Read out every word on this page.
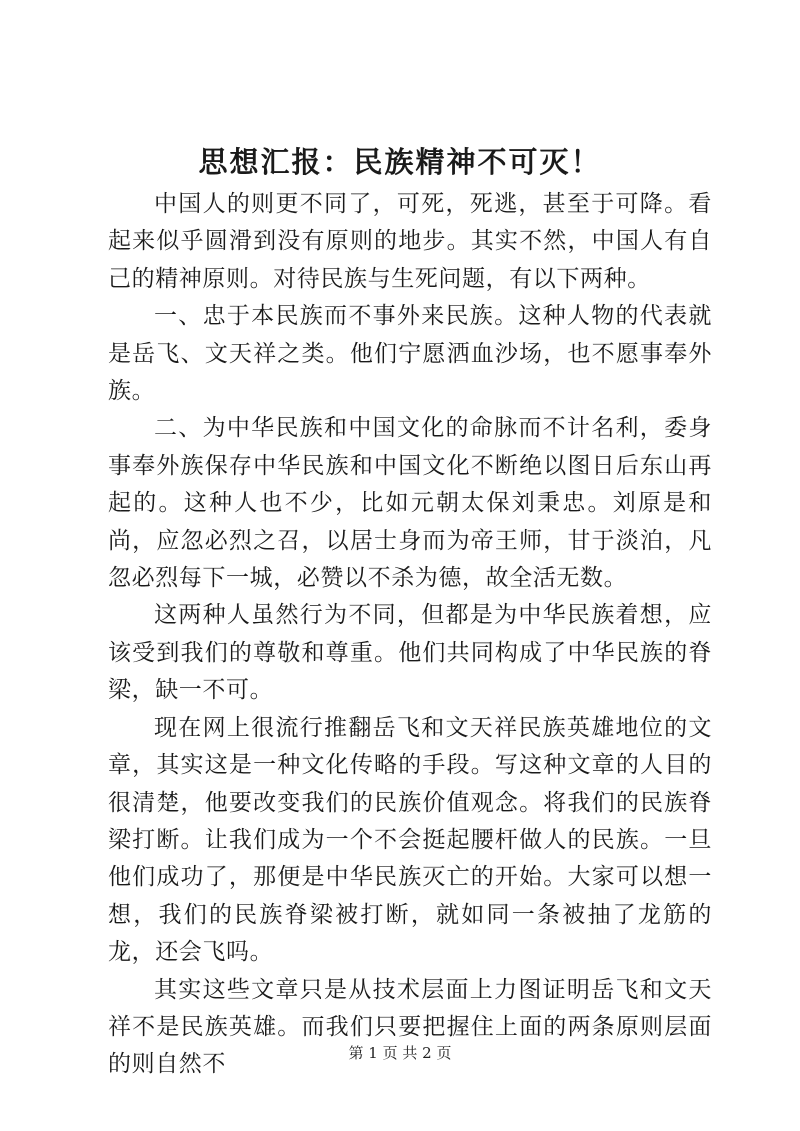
思想汇报：民族精神不可灭！

中国人的则更不同了，可死，死逃，甚至于可降。看起来似乎圆滑到没有原则的地步。其实不然，中国人有自己的精神原则。对待民族与生死问题，有以下两种。

一、忠于本民族而不事外来民族。这种人物的代表就是岳飞、文天祥之类。他们宁愿洒血沙场，也不愿事奉外族。

二、为中华民族和中国文化的命脉而不计名利，委身事奉外族保存中华民族和中国文化不断绝以图日后东山再起的。这种人也不少，比如元朝太保刘秉忠。刘原是和尚，应忽必烈之召，以居士身而为帝王师，甘于淡泊，凡忽必烈每下一城，必赞以不杀为德，故全活无数。

这两种人虽然行为不同，但都是为中华民族着想，应该受到我们的尊敬和尊重。他们共同构成了中华民族的脊梁，缺一不可。

现在网上很流行推翻岳飞和文天祥民族英雄地位的文章，其实这是一种文化传略的手段。写这种文章的人目的很清楚，他要改变我们的民族价值观念。将我们的民族脊梁打断。让我们成为一个不会挺起腰杆做人的民族。一旦他们成功了，那便是中华民族灭亡的开始。大家可以想一想，我们的民族脊梁被打断，就如同一条被抽了龙筋的龙，还会飞吗。

其实这些文章只是从技术层面上力图证明岳飞和文天祥不是民族英雄。而我们只要把握住上面的两条原则层面的则自然不	第 1 页 共 2 页
